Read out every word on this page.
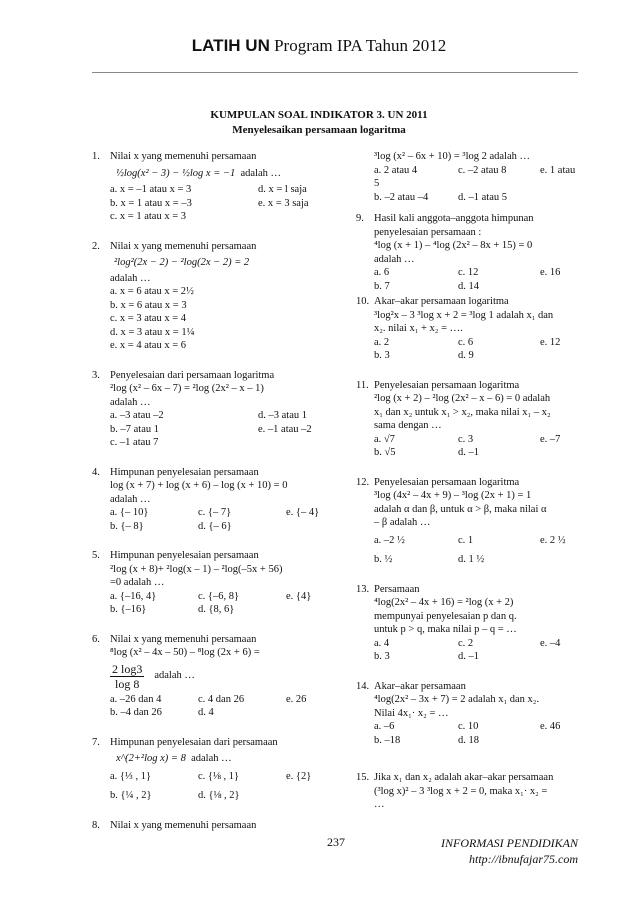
LATIH UN Program IPA Tahun 2012
KUMPULAN SOAL INDIKATOR 3. UN 2011
Menyelesaikan persamaan logaritma
1. Nilai x yang memenuhi persamaan

½log(x² − 3) − ½log x = −1 adalah …

a. x = –1 atau x = 3	d. x = l saja
b. x = 1 atau x = –3	e. x = 3 saja
c. x = 1 atau x = 3
2. Nilai x yang memenuhi persamaan

²log²(2x − 2) − ²log(2x − 2) = 2

adalah …

a. x = 6 atau x = 2½

b. x = 6 atau x = 3

c. x = 3 atau x = 4

d. x = 3 atau x = 1¼

e. x = 4 atau x = 6

3. Penyelesaian dari persamaan logaritma

²log (x² – 6x – 7) = ²log (2x² – x – 1)

adalah …

a. –3 atau –2	d. –3 atau 1
b. –7 atau 1	e. –1 atau –2
c. –1 atau 7
4. Himpunan penyelesaian persamaan

log (x + 7) + log (x + 6) – log (x + 10) = 0

adalah …

a. {– 10}	c. {– 7}	e. {– 4}
b. {– 8}	d. {– 6}
5. Himpunan penyelesaian persamaan

²log (x + 8)+ ²log(x – 1) – ²log(–5x + 56)

=0 adalah …

a. {–16, 4}	c. {–6, 8}	e. {4}
b. {–16}	d. {8, 6}
6. Nilai x yang memenuhi persamaan

⁸log (x² – 4x – 50) – ⁸log (2x + 6) =

2 log3
log 8
adalah …
a. –26 dan 4	c. 4 dan 26	e. 26
b. –4 dan 26	d. 4
7. Himpunan penyelesaian dari persamaan

x^(2+²log x) = 8 adalah …

a. {⅓ , 1}	c. {⅛ , 1}	e. {2}
b. {¼ , 2}	d. {⅛ , 2}
8. Nilai x yang memenuhi persamaan

³log (x² – 6x + 10) = ³log 2 adalah …

a. 2 atau 4	c. –2 atau 8	e. 1 atau

5

b. –2 atau –4	d. –1 atau 5
9. Hasil kali anggota–anggota himpunan

penyelesaian persamaan :

⁴log (x + 1) – ⁴log (2x² – 8x + 15) = 0

adalah …

a. 6	c. 12	e. 16
b. 7	d. 14
10. Akar–akar persamaan logaritma

³log²x – 3 ³log x + 2 = ³log 1 adalah x₁ dan

x₂. nilai x₁ + x₂ = ….

a. 2	c. 6	e. 12
b. 3	d. 9
11. Penyelesaian persamaan logaritma

²log (x + 2) – ²log (2x² – x – 6) = 0 adalah

x₁ dan x₂ untuk x₁ > x₂, maka nilai x₁ – x₂

sama dengan …

a. √7	c. 3	e. –7
b. √5	d. –1
12. Penyelesaian persamaan logaritma

³log (4x² – 4x + 9) – ³log (2x + 1) = 1

adalah α dan β, untuk α > β, maka nilai α

– β adalah …

a. –2 ½	c. 1	e. 2 ½
b. ½	d. 1 ½
13. Persamaan

⁴log(2x² – 4x + 16) = ²log (x + 2)

mempunyai penyelesaian p dan q.

untuk p > q, maka nilai p – q = …

a. 4	c. 2	e. –4
b. 3	d. –1
14. Akar–akar persamaan

⁴log(2x² – 3x + 7) = 2 adalah x₁ dan x₂.

Nilai 4x₁· x₂ = …

a. –6	c. 10	e. 46
b. –18	d. 18
15. Jika x₁ dan x₂ adalah akar–akar persamaan

(³log x)² – 3 ³log x + 2 = 0, maka x₁· x₂ =

…

237	INFORMASI PENDIDIKAN
http://ibnufajar75.com
